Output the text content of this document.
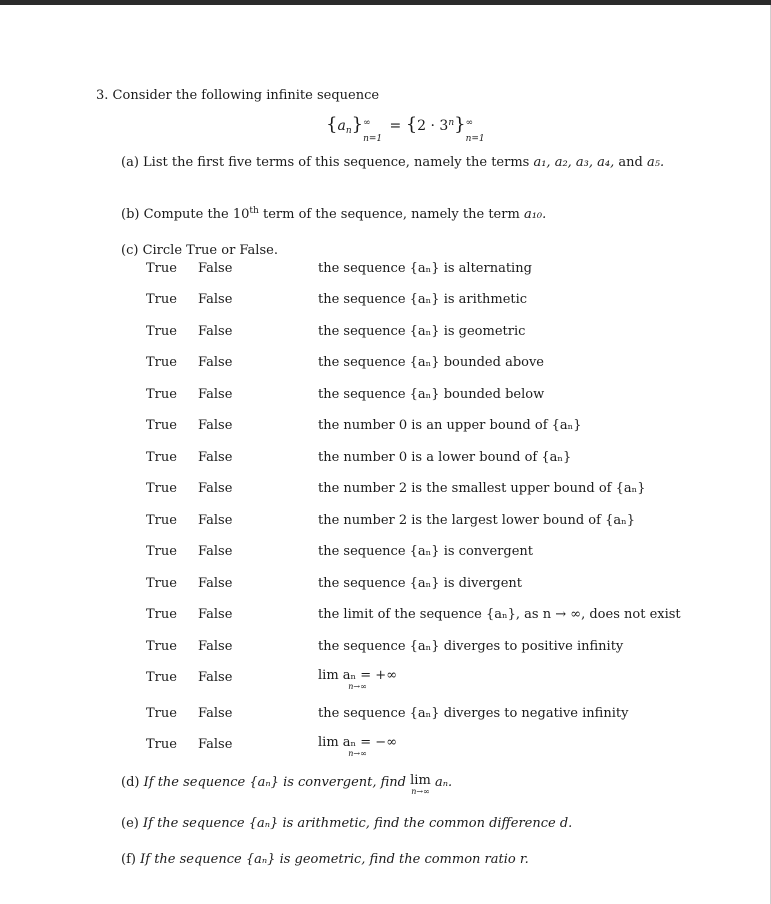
3. Consider the following infinite sequence
$\{a_n\}$ ∞
n=1
= $\{2 \cdot 3^n\}$ ∞
n=1
(a) List the first five terms of this sequence, namely the terms a₁, a₂, a₃, a₄, and a₅.
(b) Compute the 10th term of the sequence, namely the term a₁₀.
(c) Circle True or False.
True False	the sequence {aₙ} is alternating
True False	the sequence {aₙ} is arithmetic
True False	the sequence {aₙ} is geometric
True False	the sequence {aₙ} bounded above
True False	the sequence {aₙ} bounded below
True False	the number 0 is an upper bound of {aₙ}
True False	the number 0 is a lower bound of {aₙ}
True False	the number 2 is the smallest upper bound of {aₙ}
True False	the number 2 is the largest lower bound of {aₙ}
True False	the sequence {aₙ} is convergent
True False	the sequence {aₙ} is divergent
True False	the limit of the sequence {aₙ}, as n → ∞, does not exist
True False	the sequence {aₙ} diverges to positive infinity
True False	lim aₙ = +∞
n→∞
True False	the sequence {aₙ} diverges to negative infinity
True False	lim aₙ = −∞
n→∞
(d) If the sequence {aₙ} is convergent, find lim
n→∞
aₙ.
(e) If the sequence {aₙ} is arithmetic, find the common difference d.
(f) If the sequence {aₙ} is geometric, find the common ratio r.
